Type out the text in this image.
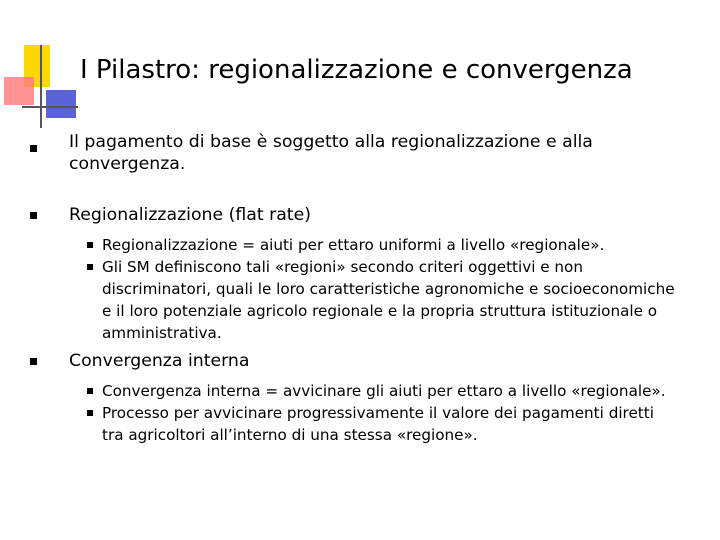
I Pilastro: regionalizzazione e convergenza
Il pagamento di base è soggetto alla regionalizzazione e alla
convergenza.
Regionalizzazione (flat rate)
Regionalizzazione = aiuti per ettaro uniformi a livello «regionale».
Gli SM definiscono tali «regioni» secondo criteri oggettivi e non
discriminatori, quali le loro caratteristiche agronomiche e socioeconomiche
e il loro potenziale agricolo regionale e la propria struttura istituzionale o
amministrativa.
Convergenza interna
Convergenza interna = avvicinare gli aiuti per ettaro a livello «regionale».
Processo per avvicinare progressivamente il valore dei pagamenti diretti
tra agricoltori all’interno di una stessa «regione».
